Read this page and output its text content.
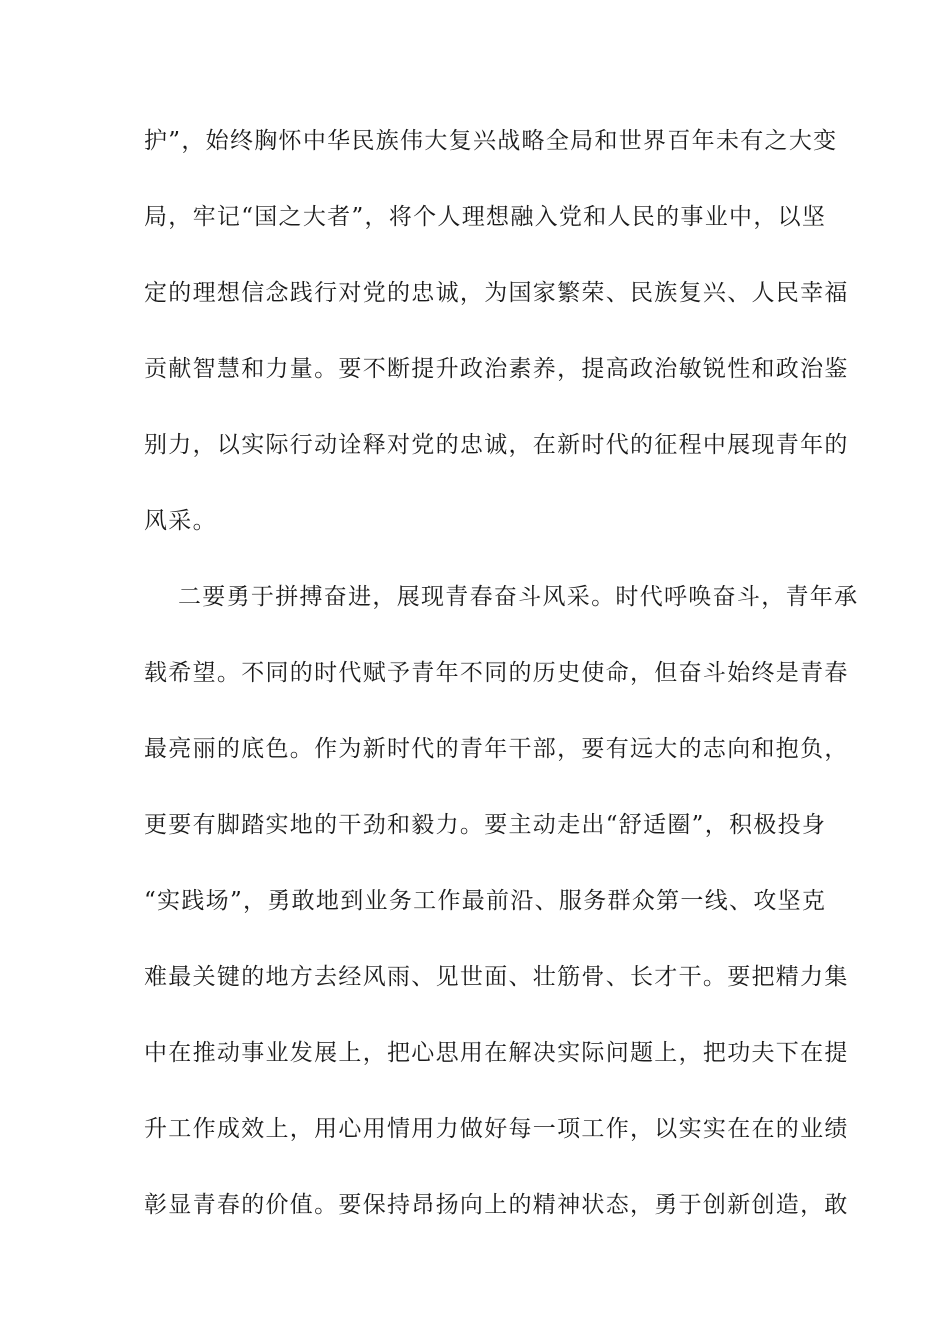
护”，始终胸怀中华民族伟大复兴战略全局和世界百年未有之大变
局，牢记“国之大者”，将个人理想融入党和人民的事业中，以坚
定的理想信念践行对党的忠诚，为国家繁荣、民族复兴、人民幸福
贡献智慧和力量。要不断提升政治素养，提高政治敏锐性和政治鉴
别力，以实际行动诠释对党的忠诚，在新时代的征程中展现青年的
风采。
二要勇于拼搏奋进，展现青春奋斗风采。时代呼唤奋斗，青年承
载希望。不同的时代赋予青年不同的历史使命，但奋斗始终是青春
最亮丽的底色。作为新时代的青年干部，要有远大的志向和抱负，
更要有脚踏实地的干劲和毅力。要主动走出“舒适圈”，积极投身
“实践场”，勇敢地到业务工作最前沿、服务群众第一线、攻坚克
难最关键的地方去经风雨、见世面、壮筋骨、长才干。要把精力集
中在推动事业发展上，把心思用在解决实际问题上，把功夫下在提
升工作成效上，用心用情用力做好每一项工作，以实实在在的业绩
彰显青春的价值。要保持昂扬向上的精神状态，勇于创新创造，敢
